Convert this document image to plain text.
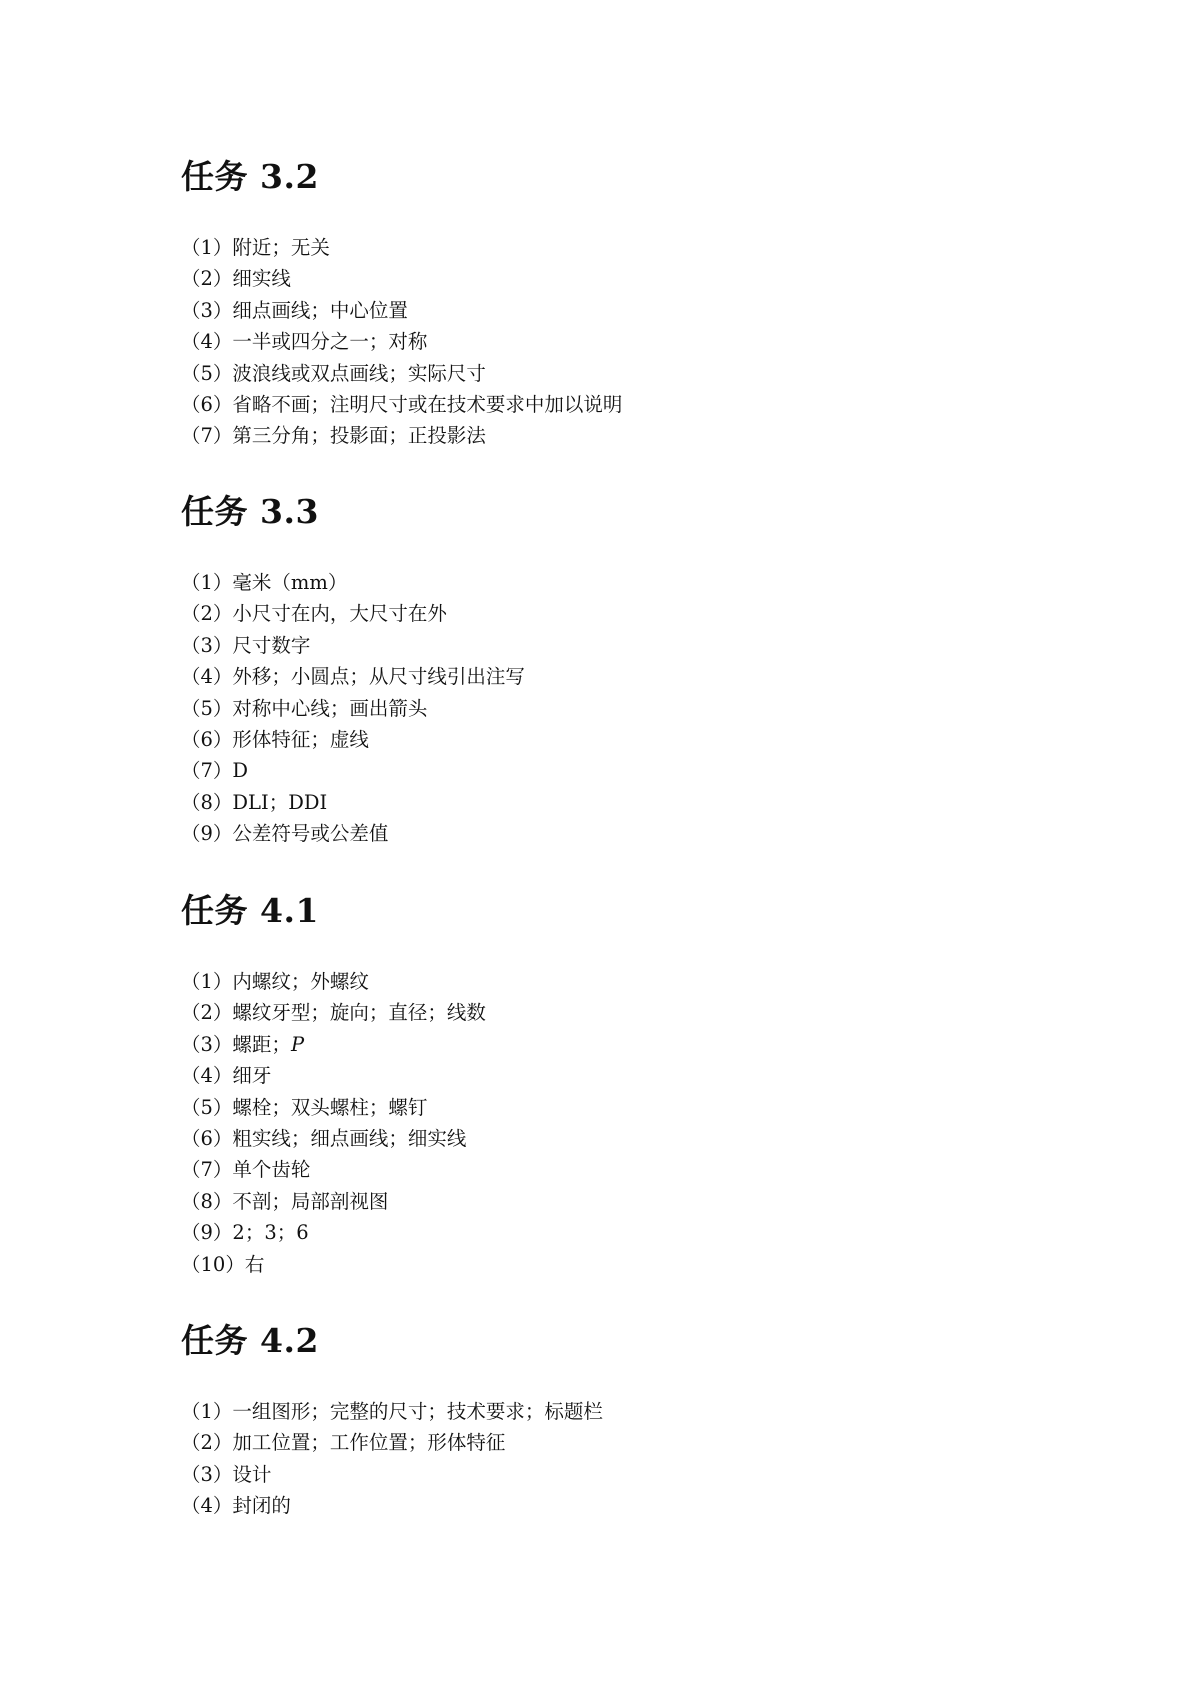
任务 3.2
（1）附近；无关
（2）细实线
（3）细点画线；中心位置
（4）一半或四分之一；对称
（5）波浪线或双点画线；实际尺寸
（6）省略不画；注明尺寸或在技术要求中加以说明
（7）第三分角；投影面；正投影法
任务 3.3
（1）毫米（mm）
（2）小尺寸在内，大尺寸在外
（3）尺寸数字
（4）外移；小圆点；从尺寸线引出注写
（5）对称中心线；画出箭头
（6）形体特征；虚线
（7）D
（8）DLI；DDI
（9）公差符号或公差值
任务 4.1
（1）内螺纹；外螺纹
（2）螺纹牙型；旋向；直径；线数
（3）螺距；P
（4）细牙
（5）螺栓；双头螺柱；螺钉
（6）粗实线；细点画线；细实线
（7）单个齿轮
（8）不剖；局部剖视图
（9）2；3；6
（10）右
任务 4.2
（1）一组图形；完整的尺寸；技术要求；标题栏
（2）加工位置；工作位置；形体特征
（3）设计
（4）封闭的
